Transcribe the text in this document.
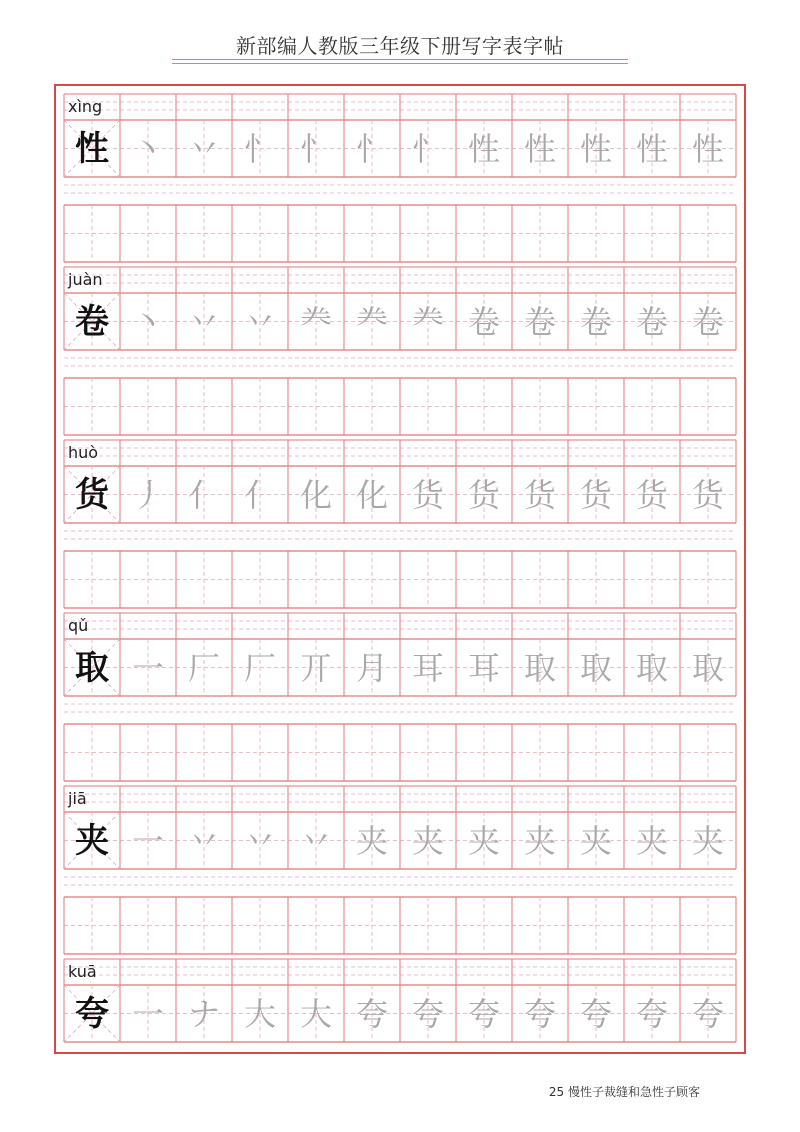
新部编人教版三年级下册写字表字帖
xìng
性 丶 丷 忄 忄 忄 忄 性 性 性 性 性
juàn
卷 丶 丷 丷 龹 龹 龹 卷 卷 卷 卷 卷
huò
货 丿 亻 亻 化 化 货 货 货 货 货 货
qǔ
取 一 厂 厂 丌 月 耳 耳 取 取 取 取
jiā
夹 一 丷 丷 丷 夹 夹 夹 夹 夹 夹 夹
kuā
夸 一 ナ 大 大 夸 夸 夸 夸 夸 夸 夸
25 慢性子裁缝和急性子顾客
